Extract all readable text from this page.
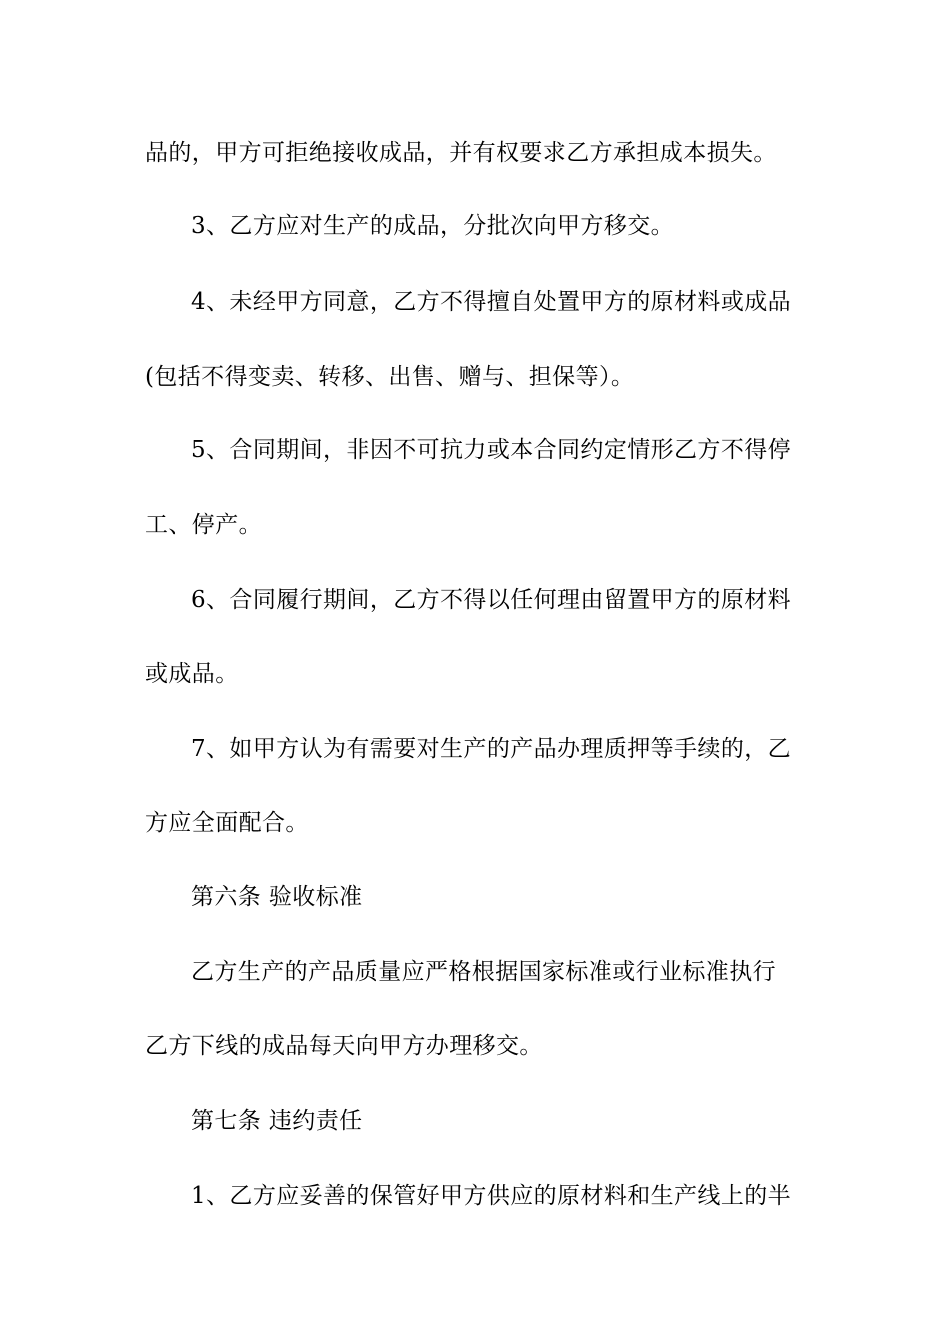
品的，甲方可拒绝接收成品，并有权要求乙方承担成本损失。
3、乙方应对生产的成品，分批次向甲方移交。
4、未经甲方同意，乙方不得擅自处置甲方的原材料或成品
(包括不得变卖、转移、出售、赠与、担保等）。
5、合同期间，非因不可抗力或本合同约定情形乙方不得停
工、停产。
6、合同履行期间，乙方不得以任何理由留置甲方的原材料
或成品。
7、如甲方认为有需要对生产的产品办理质押等手续的，乙
方应全面配合。
第六条 验收标准
乙方生产的产品质量应严格根据国家标准或行业标准执行
乙方下线的成品每天向甲方办理移交。
第七条 违约责任
1、乙方应妥善的保管好甲方供应的原材料和生产线上的半
